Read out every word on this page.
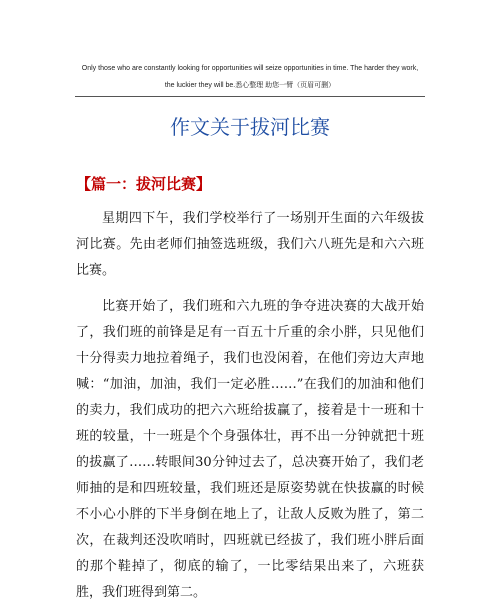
Only those who are constantly looking for opportunities will seize opportunities in time. The harder they work,
the luckier they will be.悉心整理 助您一臂（页眉可删）
作文关于拔河比赛
【篇一：拔河比赛】

星期四下午，我们学校举行了一场别开生面的六年级拔河比赛。先由老师们抽签选班级，我们六八班先是和六六班比赛。

比赛开始了，我们班和六九班的争夺进决赛的大战开始了，我们班的前锋是足有一百五十斤重的余小胖，只见他们十分得卖力地拉着绳子，我们也没闲着，在他们旁边大声地喊：“加油，加油，我们一定必胜……”在我们的加油和他们的卖力，我们成功的把六六班给拔赢了，接着是十一班和十班的较量，十一班是个个身强体壮，再不出一分钟就把十班的拔赢了……转眼间30分钟过去了，总决赛开始了，我们老师抽的是和四班较量，我们班还是原姿势就在快拔赢的时候不小心小胖的下半身倒在地上了，让敌人反败为胜了，第二次，在裁判还没吹哨时，四班就已经拔了，我们班小胖后面的那个鞋掉了，彻底的输了，一比零结果出来了，六班获胜，我们班得到第二。
